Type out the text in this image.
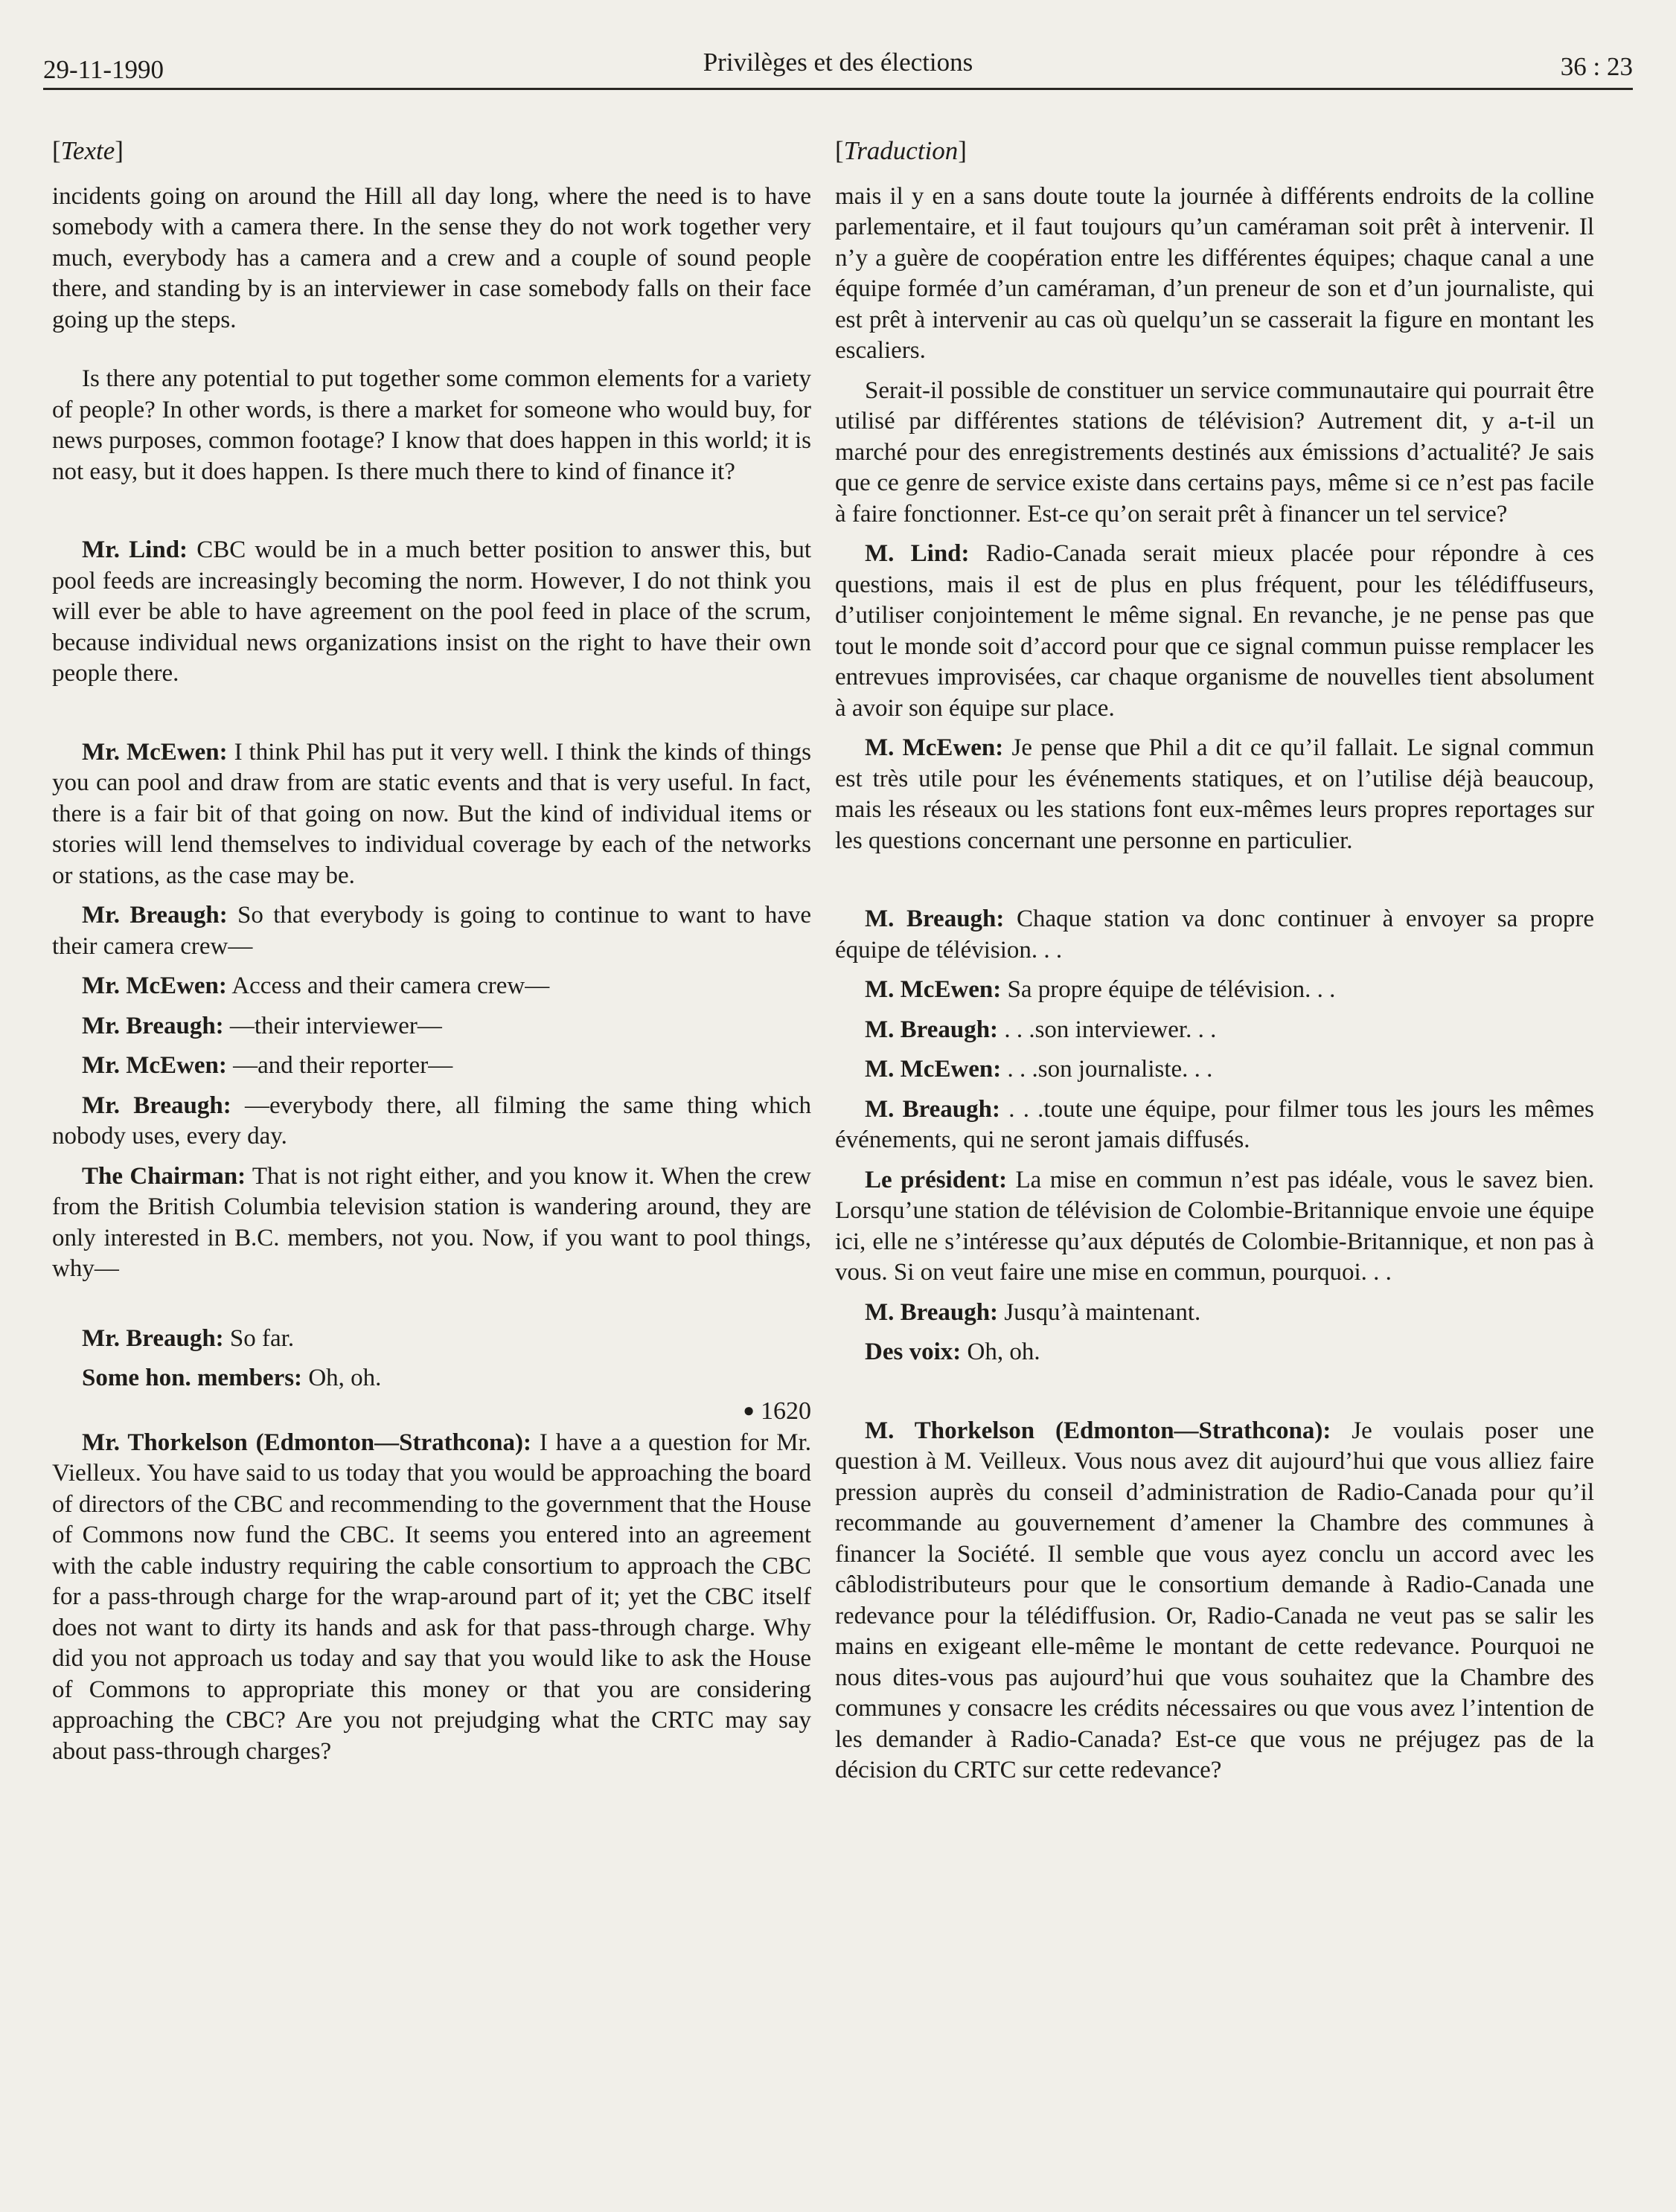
29-11-1990	Privilèges et des élections	36 : 23
[Texte]

incidents going on around the Hill all day long, where the need is to have somebody with a camera there. In the sense they do not work together very much, everybody has a camera and a crew and a couple of sound people there, and standing by is an interviewer in case somebody falls on their face going up the steps.

Is there any potential to put together some common elements for a variety of people? In other words, is there a market for someone who would buy, for news purposes, common footage? I know that does happen in this world; it is not easy, but it does happen. Is there much there to kind of finance it?

Mr. Lind: CBC would be in a much better position to answer this, but pool feeds are increasingly becoming the norm. However, I do not think you will ever be able to have agreement on the pool feed in place of the scrum, because individual news organizations insist on the right to have their own people there.

Mr. McEwen: I think Phil has put it very well. I think the kinds of things you can pool and draw from are static events and that is very useful. In fact, there is a fair bit of that going on now. But the kind of individual items or stories will lend themselves to individual coverage by each of the networks or stations, as the case may be.

Mr. Breaugh: So that everybody is going to continue to want to have their camera crew—

Mr. McEwen: Access and their camera crew—

Mr. Breaugh: —their interviewer—

Mr. McEwen: —and their reporter—

Mr. Breaugh: —everybody there, all filming the same thing which nobody uses, every day.

The Chairman: That is not right either, and you know it. When the crew from the British Columbia television station is wandering around, they are only interested in B.C. members, not you. Now, if you want to pool things, why—

Mr. Breaugh: So far.

Some hon. members: Oh, oh.

● 1620

Mr. Thorkelson (Edmonton—Strathcona): I have a a question for Mr. Vielleux. You have said to us today that you would be approaching the board of directors of the CBC and recommending to the government that the House of Commons now fund the CBC. It seems you entered into an agreement with the cable industry requiring the cable consortium to approach the CBC for a pass-through charge for the wrap-around part of it; yet the CBC itself does not want to dirty its hands and ask for that pass-through charge. Why did you not approach us today and say that you would like to ask the House of Commons to appropriate this money or that you are considering approaching the CBC? Are you not prejudging what the CRTC may say about pass-through charges?

[Traduction]

mais il y en a sans doute toute la journée à différents endroits de la colline parlementaire, et il faut toujours qu’un caméraman soit prêt à intervenir. Il n’y a guère de coopération entre les différentes équipes; chaque canal a une équipe formée d’un caméraman, d’un preneur de son et d’un journaliste, qui est prêt à intervenir au cas où quelqu’un se casserait la figure en montant les escaliers.

Serait-il possible de constituer un service communautaire qui pourrait être utilisé par différentes stations de télévision? Autrement dit, y a-t-il un marché pour des enregistrements destinés aux émissions d’actualité? Je sais que ce genre de service existe dans certains pays, même si ce n’est pas facile à faire fonctionner. Est-ce qu’on serait prêt à financer un tel service?

M. Lind: Radio-Canada serait mieux placée pour répondre à ces questions, mais il est de plus en plus fréquent, pour les télédiffuseurs, d’utiliser conjointement le même signal. En revanche, je ne pense pas que tout le monde soit d’accord pour que ce signal commun puisse remplacer les entrevues improvisées, car chaque organisme de nouvelles tient absolument à avoir son équipe sur place.

M. McEwen: Je pense que Phil a dit ce qu’il fallait. Le signal commun est très utile pour les événements statiques, et on l’utilise déjà beaucoup, mais les réseaux ou les stations font eux-mêmes leurs propres reportages sur les questions concernant une personne en particulier.

M. Breaugh: Chaque station va donc continuer à envoyer sa propre équipe de télévision. . .

M. McEwen: Sa propre équipe de télévision. . .

M. Breaugh: . . .son interviewer. . .

M. McEwen: . . .son journaliste. . .

M. Breaugh: . . .toute une équipe, pour filmer tous les jours les mêmes événements, qui ne seront jamais diffusés.

Le président: La mise en commun n’est pas idéale, vous le savez bien. Lorsqu’une station de télévision de Colombie-Britannique envoie une équipe ici, elle ne s’intéresse qu’aux députés de Colombie-Britannique, et non pas à vous. Si on veut faire une mise en commun, pourquoi. . .

M. Breaugh: Jusqu’à maintenant.

Des voix: Oh, oh.

M. Thorkelson (Edmonton—Strathcona): Je voulais poser une question à M. Veilleux. Vous nous avez dit aujourd’hui que vous alliez faire pression auprès du conseil d’administration de Radio-Canada pour qu’il recommande au gouvernement d’amener la Chambre des communes à financer la Société. Il semble que vous ayez conclu un accord avec les câblodistributeurs pour que le consortium demande à Radio-Canada une redevance pour la télédiffusion. Or, Radio-Canada ne veut pas se salir les mains en exigeant elle-même le montant de cette redevance. Pourquoi ne nous dites-vous pas aujourd’hui que vous souhaitez que la Chambre des communes y consacre les crédits nécessaires ou que vous avez l’intention de les demander à Radio-Canada? Est-ce que vous ne préjugez pas de la décision du CRTC sur cette redevance?
